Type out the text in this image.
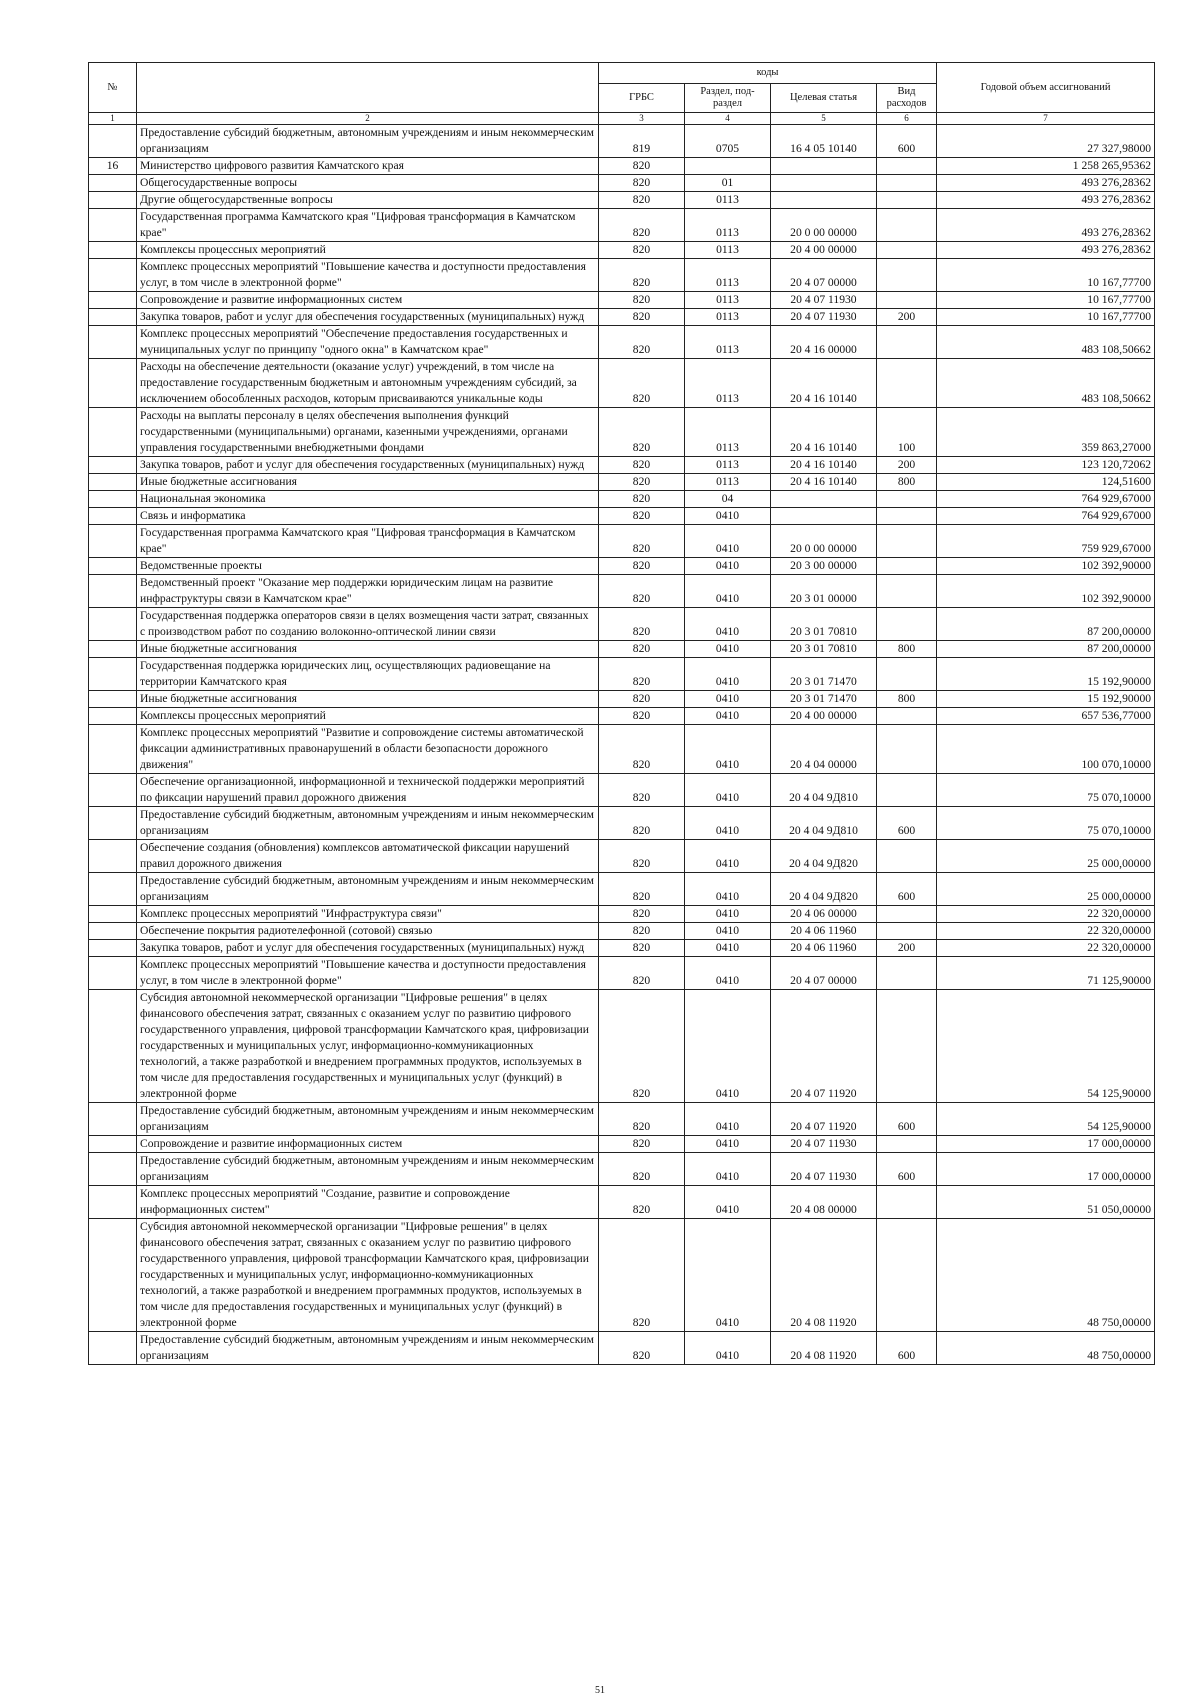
№		коды				Годовой объем ассигнований
		ГРБС	Раздел, под- раздел	Целевая статья	Вид расходов	
1	2	3	4	5	6	7
	Предоставление субсидий бюджетным, автономным учреждениям и иным некоммерческим организациям	819	0705	16 4 05 10140	600	27 327,98000
16	Министерство цифрового развития Камчатского края	820				1 258 265,95362
	Общегосударственные вопросы	820	01			493 276,28362
	Другие общегосударственные вопросы	820	0113			493 276,28362
	Государственная программа Камчатского края "Цифровая трансформация в Камчатском крае"	820	0113	20 0 00 00000		493 276,28362
	Комплексы процессных мероприятий	820	0113	20 4 00 00000		493 276,28362
	Комплекс процессных мероприятий "Повышение качества и доступности предоставления услуг, в том числе в электронной форме"	820	0113	20 4 07 00000		10 167,77700
	Сопровождение и развитие информационных систем	820	0113	20 4 07 11930		10 167,77700
	Закупка товаров, работ и услуг для обеспечения государственных (муниципальных) нужд	820	0113	20 4 07 11930	200	10 167,77700
	Комплекс процессных мероприятий "Обеспечение предоставления государственных и муниципальных услуг по принципу "одного окна" в Камчатском крае"	820	0113	20 4 16 00000		483 108,50662
	Расходы на обеспечение деятельности (оказание услуг) учреждений, в том числе на предоставление государственным бюджетным и автономным учреждениям субсидий, за исключением обособленных расходов, которым присваиваются уникальные коды	820	0113	20 4 16 10140		483 108,50662
	Расходы на выплаты персоналу в целях обеспечения выполнения функций государственными (муниципальными) органами, казенными учреждениями, органами управления государственными внебюджетными фондами	820	0113	20 4 16 10140	100	359 863,27000
	Закупка товаров, работ и услуг для обеспечения государственных (муниципальных) нужд	820	0113	20 4 16 10140	200	123 120,72062
	Иные бюджетные ассигнования	820	0113	20 4 16 10140	800	124,51600
	Национальная экономика	820	04			764 929,67000
	Связь и информатика	820	0410			764 929,67000
	Государственная программа Камчатского края "Цифровая трансформация в Камчатском крае"	820	0410	20 0 00 00000		759 929,67000
	Ведомственные проекты	820	0410	20 3 00 00000		102 392,90000
	Ведомственный проект "Оказание мер поддержки юридическим лицам на развитие инфраструктуры связи в Камчатском крае"	820	0410	20 3 01 00000		102 392,90000
	Государственная поддержка операторов связи в целях возмещения части затрат, связанных с производством работ по созданию волоконно-оптической линии связи	820	0410	20 3 01 70810		87 200,00000
	Иные бюджетные ассигнования	820	0410	20 3 01 70810	800	87 200,00000
	Государственная поддержка юридических лиц, осуществляющих радиовещание на территории Камчатского края	820	0410	20 3 01 71470		15 192,90000
	Иные бюджетные ассигнования	820	0410	20 3 01 71470	800	15 192,90000
	Комплексы процессных мероприятий	820	0410	20 4 00 00000		657 536,77000
	Комплекс процессных мероприятий "Развитие и сопровождение системы автоматической фиксации административных правонарушений в области безопасности дорожного движения"	820	0410	20 4 04 00000		100 070,10000
	Обеспечение организационной, информационной и технической поддержки мероприятий по фиксации нарушений правил дорожного движения	820	0410	20 4 04 9Д810		75 070,10000
	Предоставление субсидий бюджетным, автономным учреждениям и иным некоммерческим организациям	820	0410	20 4 04 9Д810	600	75 070,10000
	Обеспечение создания (обновления) комплексов автоматической фиксации нарушений правил дорожного движения	820	0410	20 4 04 9Д820		25 000,00000
	Предоставление субсидий бюджетным, автономным учреждениям и иным некоммерческим организациям	820	0410	20 4 04 9Д820	600	25 000,00000
	Комплекс процессных мероприятий "Инфраструктура связи"	820	0410	20 4 06 00000		22 320,00000
	Обеспечение покрытия радиотелефонной (сотовой) связью	820	0410	20 4 06 11960		22 320,00000
	Закупка товаров, работ и услуг для обеспечения государственных (муниципальных) нужд	820	0410	20 4 06 11960	200	22 320,00000
	Комплекс процессных мероприятий "Повышение качества и доступности предоставления услуг, в том числе в электронной форме"	820	0410	20 4 07 00000		71 125,90000
	Субсидия автономной некоммерческой организации "Цифровые решения" в целях финансового обеспечения затрат, связанных с оказанием услуг по развитию цифрового государственного управления, цифровой трансформации Камчатского края, цифровизации государственных и муниципальных услуг, информационно-коммуникационных технологий, а также разработкой и внедрением программных продуктов, используемых в том числе для предоставления государственных и муниципальных услуг (функций) в электронной форме	820	0410	20 4 07 11920		54 125,90000
	Предоставление субсидий бюджетным, автономным учреждениям и иным некоммерческим организациям	820	0410	20 4 07 11920	600	54 125,90000
	Сопровождение и развитие информационных систем	820	0410	20 4 07 11930		17 000,00000
	Предоставление субсидий бюджетным, автономным учреждениям и иным некоммерческим организациям	820	0410	20 4 07 11930	600	17 000,00000
	Комплекс процессных мероприятий "Создание, развитие и сопровождение информационных систем"	820	0410	20 4 08 00000		51 050,00000
	Субсидия автономной некоммерческой организации "Цифровые решения" в целях финансового обеспечения затрат, связанных с оказанием услуг по развитию цифрового государственного управления, цифровой трансформации Камчатского края, цифровизации государственных и муниципальных услуг, информационно-коммуникационных технологий, а также разработкой и внедрением программных продуктов, используемых в том числе для предоставления государственных и муниципальных услуг (функций) в электронной форме	820	0410	20 4 08 11920		48 750,00000
	Предоставление субсидий бюджетным, автономным учреждениям и иным некоммерческим организациям	820	0410	20 4 08 11920	600	48 750,00000
51
